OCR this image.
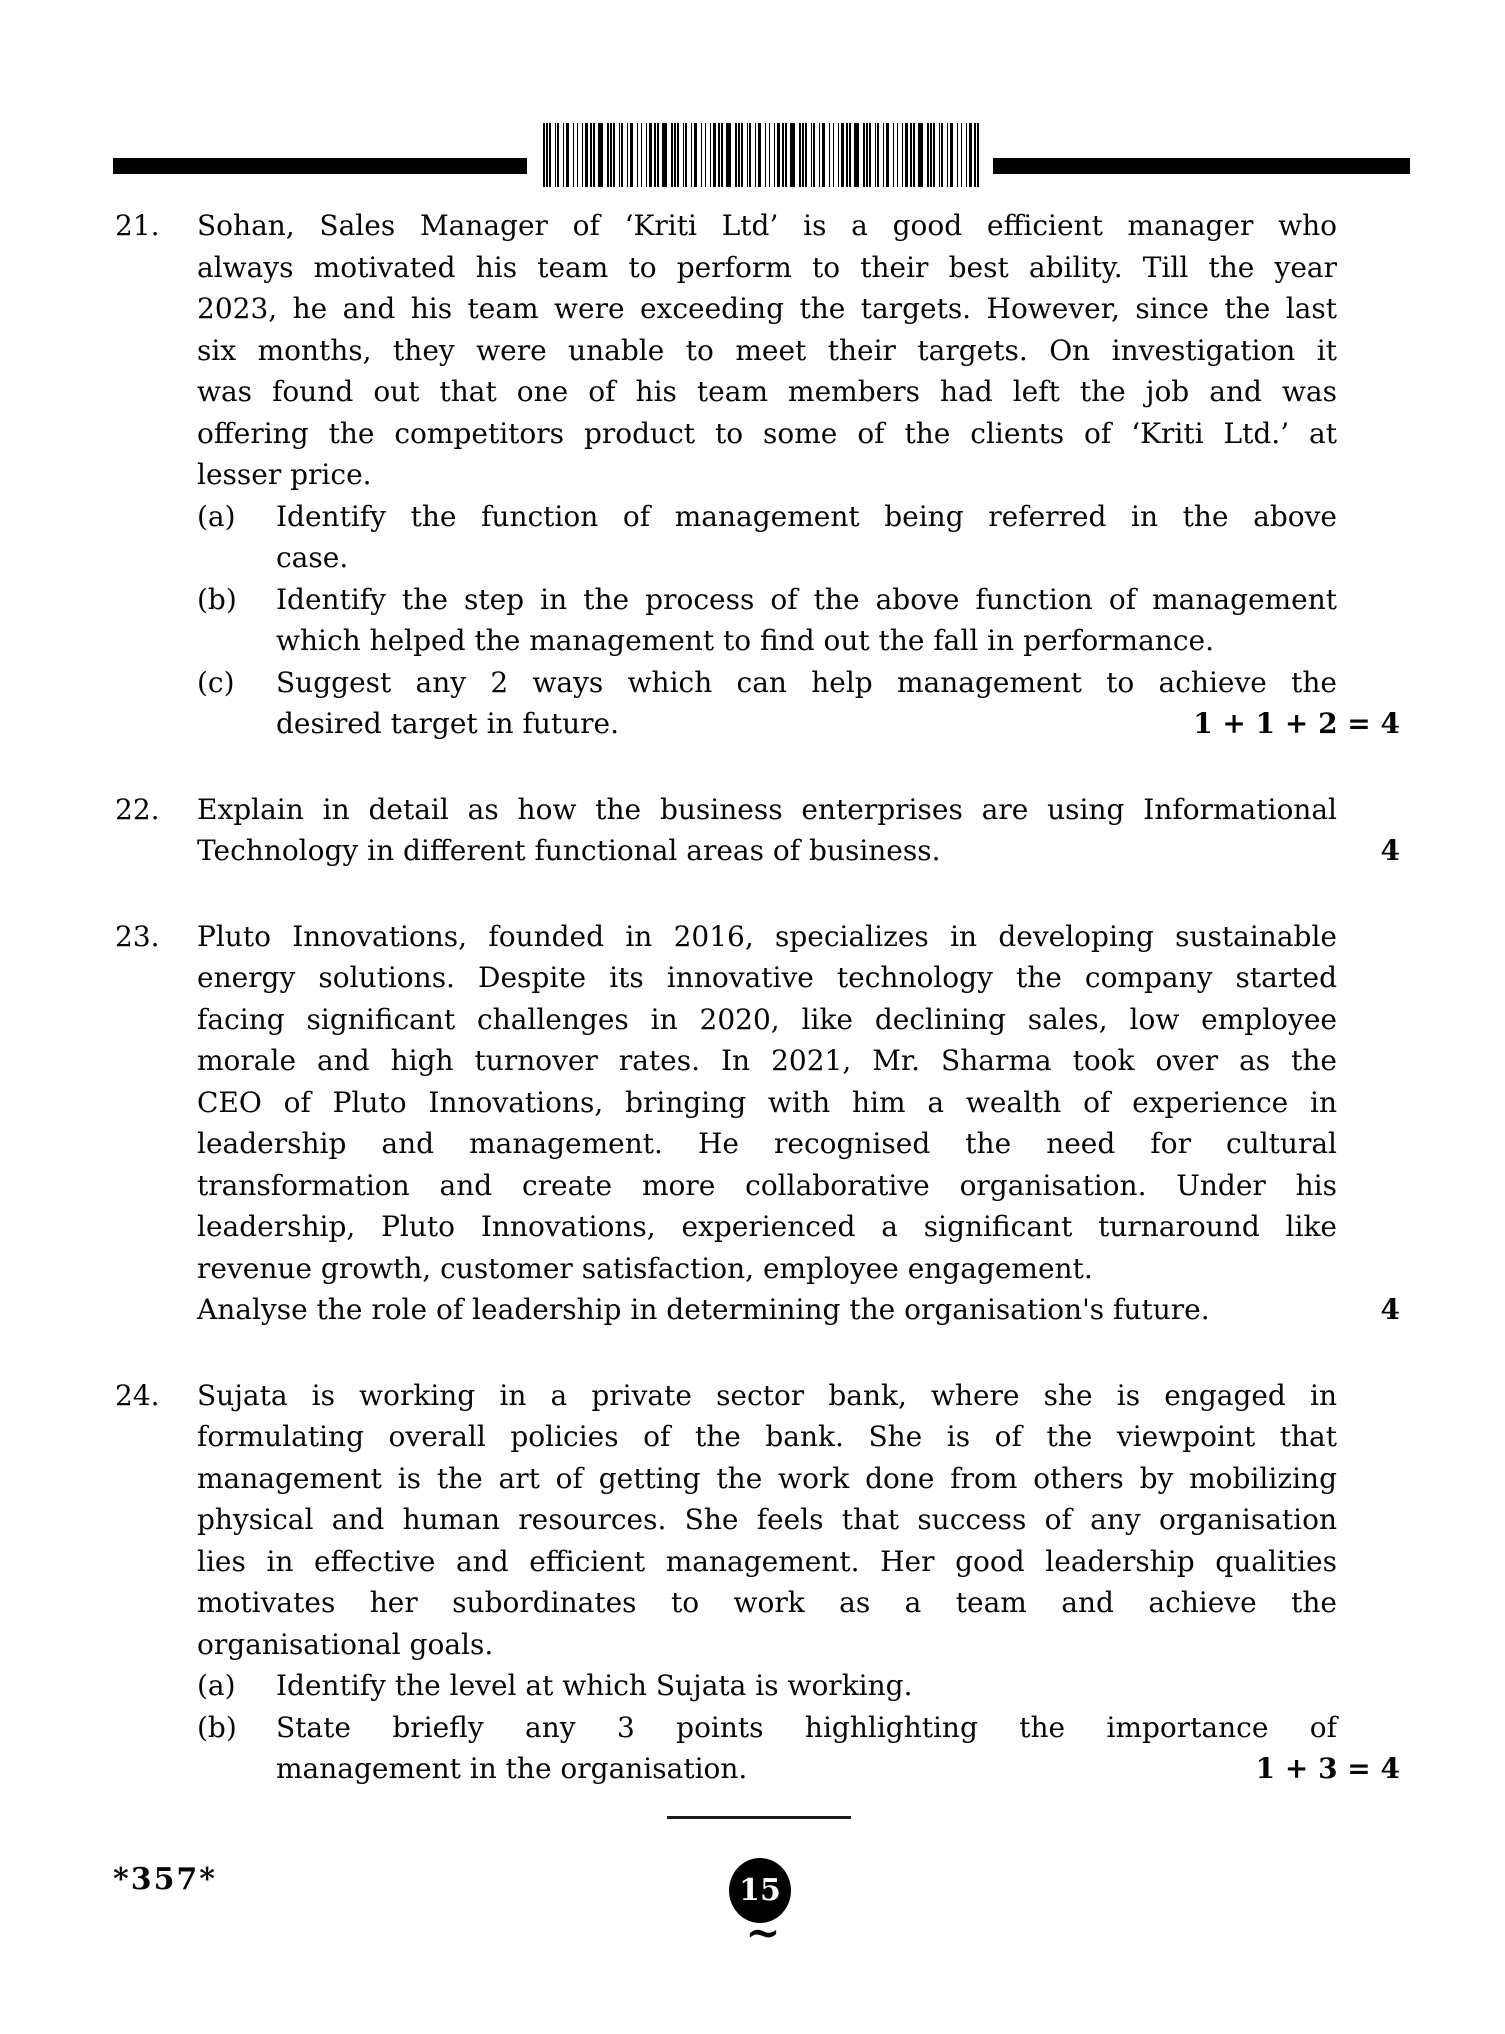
21.	Sohan, Sales Manager of ‘Kriti Ltd’ is a good efficient manager who
always motivated his team to perform to their best ability. Till the year
2023, he and his team were exceeding the targets. However, since the last
six months, they were unable to meet their targets. On investigation it
was found out that one of his team members had left the job and was
offering the competitors product to some of the clients of ‘Kriti Ltd.’ at
lesser price.
(a)	Identify the function of management being referred in the above
case.
(b)	Identify the step in the process of the above function of management
which helped the management to find out the fall in performance.
(c)	Suggest any 2 ways which can help management to achieve the
desired target in future.	1 + 1 + 2 = 4
22.	Explain in detail as how the business enterprises are using Informational
Technology in different functional areas of business.	4
23.	Pluto Innovations, founded in 2016, specializes in developing sustainable
energy solutions. Despite its innovative technology the company started
facing significant challenges in 2020, like declining sales, low employee
morale and high turnover rates. In 2021, Mr. Sharma took over as the
CEO of Pluto Innovations, bringing with him a wealth of experience in
leadership and management. He recognised the need for cultural
transformation and create more collaborative organisation. Under his
leadership, Pluto Innovations, experienced a significant turnaround like
revenue growth, customer satisfaction, employee engagement.
Analyse the role of leadership in determining the organisation's future.	4
24.	Sujata is working in a private sector bank, where she is engaged in
formulating overall policies of the bank. She is of the viewpoint that
management is the art of getting the work done from others by mobilizing
physical and human resources. She feels that success of any organisation
lies in effective and efficient management. Her good leadership qualities
motivates her subordinates to work as a team and achieve the
organisational goals.
(a)	Identify the level at which Sujata is working.
(b)	State briefly any 3 points highlighting the importance of
management in the organisation.	1 + 3 = 4
*357*	15
~
